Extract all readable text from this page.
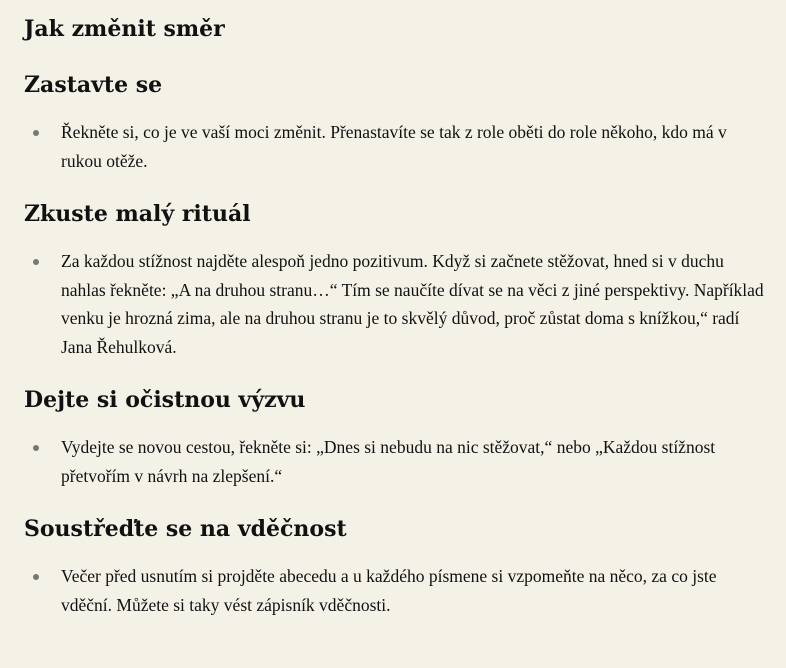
Jak změnit směr
Zastavte se
Řekněte si, co je ve vaší moci změnit. Přenastavíte se tak z role oběti do role někoho, kdo má v rukou otěže.
Zkuste malý rituál
Za každou stížnost najděte alespoň jedno pozitivum. Když si začnete stěžovat, hned si v duchu nahlas řekněte: „A na druhou stranu…“ Tím se naučíte dívat se na věci z jiné perspektivy. Například venku je hrozná zima, ale na druhou stranu je to skvělý důvod, proč zůstat doma s knížkou,“ radí Jana Řehulková.
Dejte si očistnou výzvu
Vydejte se novou cestou, řekněte si: „Dnes si nebudu na nic stěžovat,“ nebo „Každou stížnost přetvořím v návrh na zlepšení.“
Soustřeďte se na vděčnost
Večer před usnutím si projděte abecedu a u každého písmene si vzpomeňte na něco, za co jste vděční. Můžete si taky vést zápisník vděčnosti.
